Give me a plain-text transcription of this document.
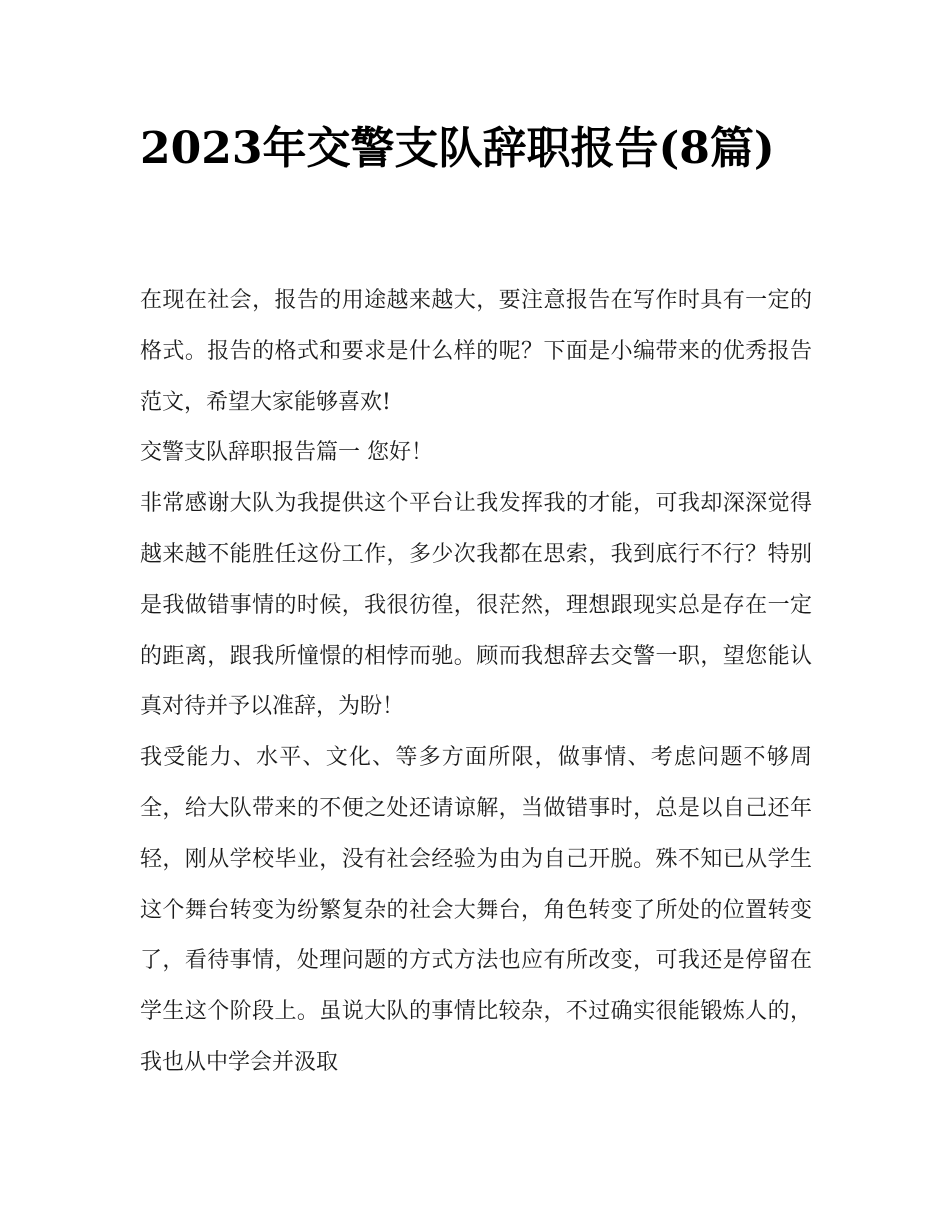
2023年交警支队辞职报告(8篇)

在现在社会，报告的用途越来越大，要注意报告在写作时具有一定的格式。报告的格式和要求是什么样的呢？下面是小编带来的优秀报告范文，希望大家能够喜欢!

交警支队辞职报告篇一 您好！

非常感谢大队为我提供这个平台让我发挥我的才能，可我却深深觉得越来越不能胜任这份工作，多少次我都在思索，我到底行不行？特别是我做错事情的时候，我很彷徨，很茫然，理想跟现实总是存在一定的距离，跟我所憧憬的相悖而驰。顾而我想辞去交警一职，望您能认真对待并予以准辞，为盼！

我受能力、水平、文化、等多方面所限，做事情、考虑问题不够周全，给大队带来的不便之处还请谅解，当做错事时，总是以自己还年轻，刚从学校毕业，没有社会经验为由为自己开脱。殊不知已从学生这个舞台转变为纷繁复杂的社会大舞台，角色转变了所处的位置转变了，看待事情，处理问题的方式方法也应有所改变，可我还是停留在学生这个阶段上。虽说大队的事情比较杂，不过确实很能锻炼人的，我也从中学会并汲取
